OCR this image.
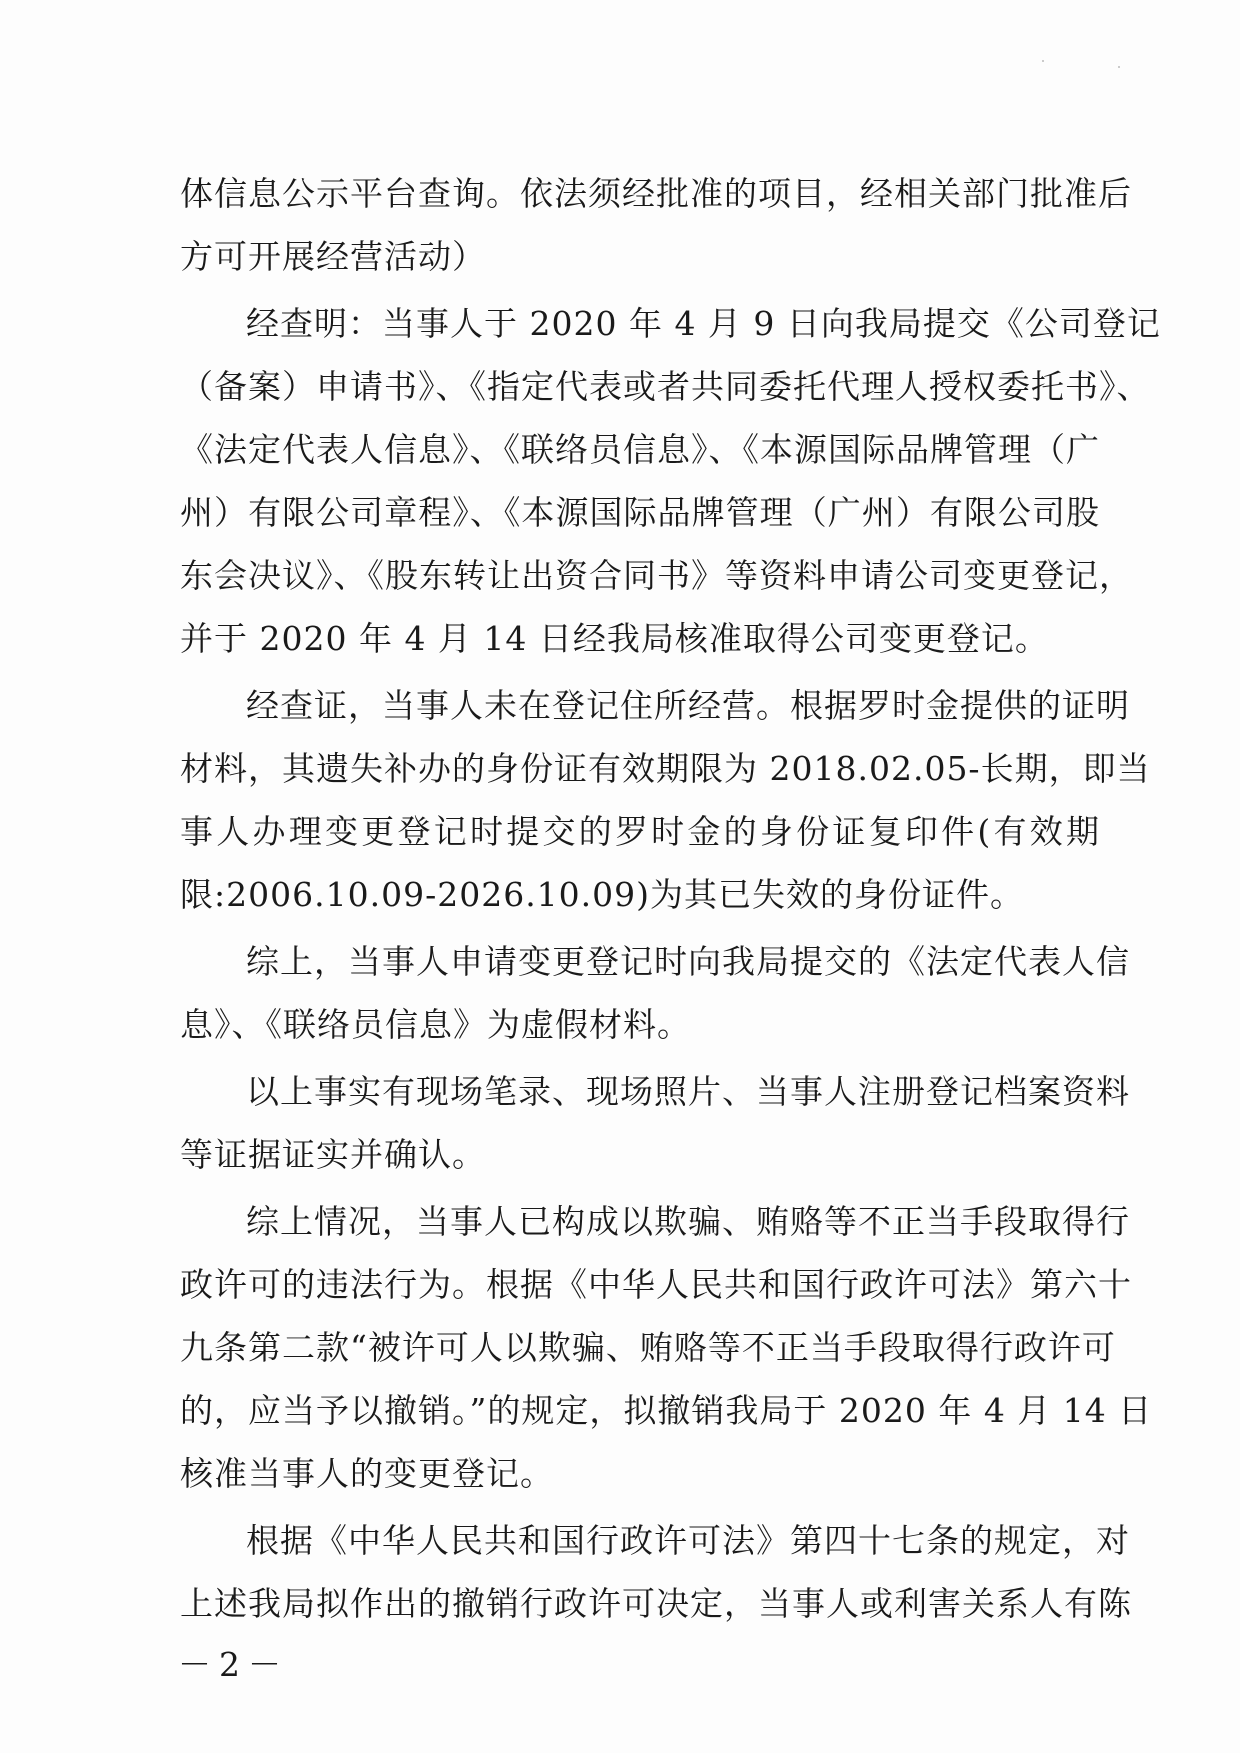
体信息公示平台查询。依法须经批准的项目，经相关部门批准后
方可开展经营活动）
经查明：当事人于 2020 年 4 月 9 日向我局提交《公司登记
（备案）申请书》、《指定代表或者共同委托代理人授权委托书》、
《法定代表人信息》、《联络员信息》、《本源国际品牌管理（广
州）有限公司章程》、《本源国际品牌管理（广州）有限公司股
东会决议》、《股东转让出资合同书》等资料申请公司变更登记，
并于 2020 年 4 月 14 日经我局核准取得公司变更登记。
经查证，当事人未在登记住所经营。根据罗时金提供的证明
材料，其遗失补办的身份证有效期限为 2018.02.05-长期，即当
事人办理变更登记时提交的罗时金的身份证复印件(有效期
限:2006.10.09-2026.10.09)为其已失效的身份证件。
综上，当事人申请变更登记时向我局提交的《法定代表人信
息》、《联络员信息》为虚假材料。
以上事实有现场笔录、现场照片、当事人注册登记档案资料
等证据证实并确认。
综上情况，当事人已构成以欺骗、贿赂等不正当手段取得行
政许可的违法行为。根据《中华人民共和国行政许可法》第六十
九条第二款“被许可人以欺骗、贿赂等不正当手段取得行政许可
的，应当予以撤销。”的规定，拟撤销我局于 2020 年 4 月 14 日
核准当事人的变更登记。
根据《中华人民共和国行政许可法》第四十七条的规定，对
上述我局拟作出的撤销行政许可决定，当事人或利害关系人有陈
－2－
